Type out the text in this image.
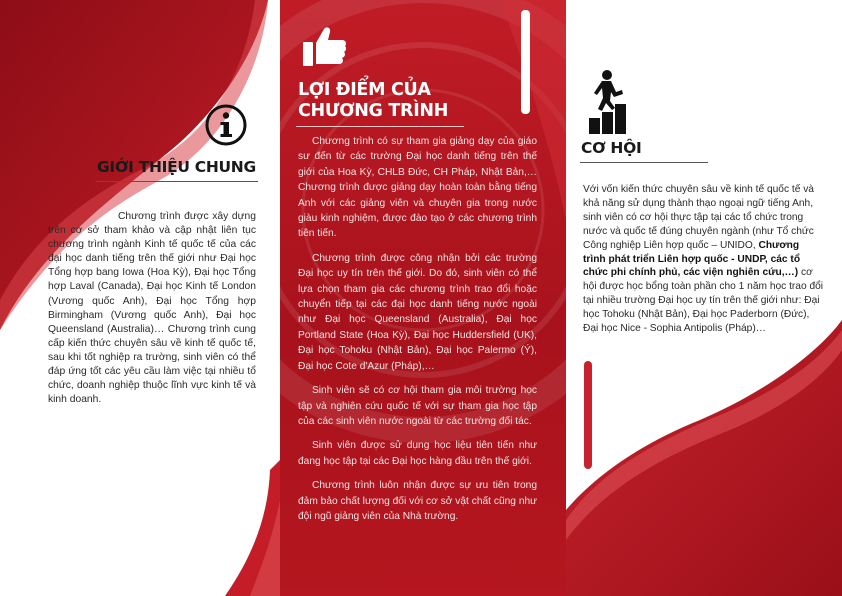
GIỚI THIỆU CHUNG

Chương trình được xây dựng trên cơ sở tham khảo và cập nhật liên tục chương trình ngành Kinh tế quốc tế của các đại học danh tiếng trên thế giới như Đại học Tổng hợp bang Iowa (Hoa Kỳ), Đại học Tổng hợp Laval (Canada), Đại học Kinh tế London (Vương quốc Anh), Đại học Tổng hợp Birmingham (Vương quốc Anh), Đại học Queensland (Australia)… Chương trình cung cấp kiến thức chuyên sâu về kinh tế quốc tế, sau khi tốt nghiệp ra trường, sinh viên có thể đáp ứng tốt các yêu cầu làm việc tại nhiều tổ chức, doanh nghiệp thuộc lĩnh vực kinh tế và kinh doanh.

LỢI ĐIỂM CỦA
CHƯƠNG TRÌNH

Chương trình có sự tham gia giảng dạy của giáo sư đến từ các trường Đại học danh tiếng trên thế giới của Hoa Kỳ, CHLB Đức, CH Pháp, Nhật Bản,… Chương trình được giảng dạy hoàn toàn bằng tiếng Anh với các giảng viên và chuyên gia trong nước giàu kinh nghiệm, được đào tạo ở các chương trình tiên tiến.

Chương trình được công nhận bởi các trường Đại học uy tín trên thế giới. Do đó, sinh viên có thể lựa chọn tham gia các chương trình trao đổi hoặc chuyển tiếp tại các đại học danh tiếng nước ngoài như Đại học Queensland (Australia), Đại học Portland State (Hoa Kỳ), Đại học Huddersfield (UK), Đại học Tohoku (Nhật Bản), Đại học Palermo (Ý), Đại học Cote d'Azur (Pháp),…

Sinh viên sẽ có cơ hội tham gia môi trường học tập và nghiên cứu quốc tế với sự tham gia học tập của các sinh viên nước ngoài từ các trường đối tác.

Sinh viên được sử dụng học liệu tiên tiến như đang học tập tại các Đại học hàng đầu trên thế giới.

Chương trình luôn nhận được sự ưu tiên trong đảm bảo chất lượng đối với cơ sở vật chất cũng như đội ngũ giảng viên của Nhà trường.

CƠ HỘI
Với vốn kiến thức chuyên sâu về kinh tế quốc tế và khả năng sử dụng thành thạo ngoại ngữ tiếng Anh, sinh viên có cơ hội thực tập tại các tổ chức trong nước và quốc tế đúng chuyên ngành (như Tổ chức Công nghiệp Liên hợp quốc – UNIDO, Chương trình phát triển Liên hợp quốc - UNDP, các tổ chức phi chính phủ, các viện nghiên cứu,…) cơ hội được học bổng toàn phần cho 1 năm học trao đổi tại nhiều trường Đại học uy tín trên thế giới như: Đại học Tohoku (Nhật Bản), Đại học Paderborn (Đức), Đại học Nice - Sophia Antipolis (Pháp)…
